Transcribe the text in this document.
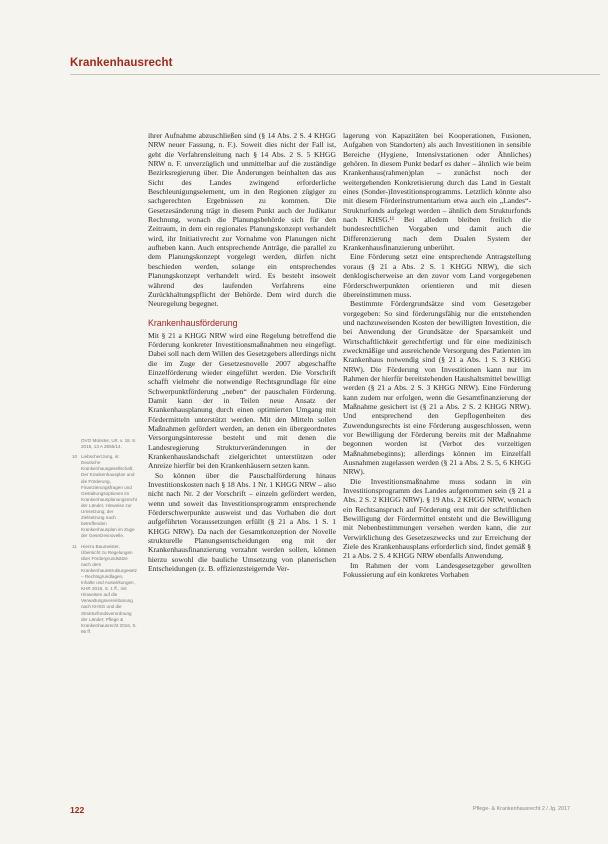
Krankenhausrecht

ihrer Aufnahme abzuschließen sind (§ 14 Abs. 2 S. 4 KHGG NRW neuer Fassung, n. F.). Soweit dies nicht der Fall ist, geht die Verfahrensleitung nach § 14 Abs. 2 S. 5 KHGG NRW n. F. unverzüglich und unmittelbar auf die zuständige Bezirksregierung über. Die Änderungen beinhalten das aus Sicht des Landes zwingend erforderliche Beschleunigungselement, um in den Regionen zügiger zu sachgerechten Ergebnissen zu kommen. Die Gesetzesänderung trägt in diesem Punkt auch der Judikatur Rechnung, wonach die Planungsbehörde sich für den Zeitraum, in dem ein regionales Planungskonzept verhandelt wird, ihr Initiativrecht zur Vornahme von Planungen nicht aufheben kann. Auch entsprechende Anträge, die parallel zu dem Planungskonzept vorgelegt werden, dürfen nicht beschieden werden, solange ein entsprechendes Planungskonzept verhandelt wird. Es besteht insoweit während des laufenden Verfahrens eine Zurückhaltungspflicht der Behörde. Dem wird durch die Neuregelung begegnet.

Krankenhausförderung

Mit § 21 a KHGG NRW wird eine Regelung betreffend die Förderung konkreter Investitionsmaßnahmen neu eingefügt. Dabei soll nach dem Willen des Gesetzgebers allerdings nicht die im Zuge der Gesetzesnovelle 2007 abgeschaffte Einzelförderung wieder eingeführt werden. Die Vorschrift schafft vielmehr die notwendige Rechtsgrundlage für eine Schwerpunktförderung „neben“ der pauschalen Förderung. Damit kann der in Teilen neue Ansatz der Krankenhausplanung durch einen optimierten Umgang mit Fördermitteln unterstützt werden. Mit den Mitteln sollen Maßnahmen gefördert werden, an denen ein übergeordnetes Versorgungsinteresse besteht und mit denen die Landesregierung Strukturveränderungen in der Krankenhauslandschaft zielgerichtet unterstützen oder Anreize hierfür bei den Krankenhäusern setzen kann.

So können über die Pauschalförderung hinaus Investitionskosten nach § 18 Abs. 1 Nr. 1 KHGG NRW – also nicht nach Nr. 2 der Vorschrift – einzeln gefördert werden, wenn und soweit das Investitionsprogramm entsprechende Förderschwerpunkte ausweist und das Vorhaben die dort aufgeführten Voraussetzungen erfüllt (§ 21 a Abs. 1 S. 1 KHGG NRW). Da nach der Gesamtkonzeption der Novelle strukturelle Planungsentscheidungen eng mit der Krankenhausfinanzierung verzahnt werden sollen, können hierzu sowohl die bauliche Umsetzung von planerischen Entscheidungen (z. B. effizienzsteigernde Ver-

lagerung von Kapazitäten bei Kooperationen, Fusionen, Aufgaben von Standorten) als auch Investitionen in sensible Bereiche (Hygiene, Intensivstationen oder Ähnliches) gehören. In diesem Punkt bedarf es daher – ähnlich wie beim Krankenhaus(rahmen)plan – zunächst noch der weitergehenden Konkretisierung durch das Land in Gestalt eines (Sonder-)Investitionsprogramms. Letztlich könnte also mit diesem Förderinstrumentarium etwa auch ein „Landes“-Strukturfonds aufgelegt werden – ähnlich dem Strukturfonds nach KHSG.¹¹ Bei alledem bleiben freilich die bundesrechtlichen Vorgaben und damit auch die Differenzierung nach dem Dualen System der Krankenhausfinanzierung unberührt.

Eine Förderung setzt eine entsprechende Antragstellung voraus (§ 21 a Abs. 2 S. 1 KHGG NRW), die sich denklogischerweise an den zuvor vom Land vorgegebenen Förderschwerpunkten orientieren und mit diesen übereinstimmen muss.

Bestimmte Fördergrundsätze sind vom Gesetzgeber vorgegeben: So sind förderungsfähig nur die entstehenden und nachzuweisenden Kosten der bewilligten Investition, die bei Anwendung der Grundsätze der Sparsamkeit und Wirtschaftlichkeit gerechtfertigt und für eine medizinisch zweckmäßige und ausreichende Versorgung des Patienten im Krankenhaus notwendig sind (§ 21 a Abs. 1 S. 3 KHGG NRW). Die Förderung von Investitionen kann nur im Rahmen der hierfür bereitstehenden Haushaltsmittel bewilligt werden (§ 21 a Abs. 2 S. 3 KHGG NRW). Eine Förderung kann zudem nur erfolgen, wenn die Gesamtfinanzierung der Maßnahme gesichert ist (§ 21 a Abs. 2 S. 2 KHGG NRW). Und entsprechend den Gepflogenheiten des Zuwendungsrechts ist eine Förderung ausgeschlossen, wenn vor Bewilligung der Förderung bereits mit der Maßnahme begonnen worden ist (Verbot des vorzeitigen Maßnahmebeginns); allerdings können im Einzelfall Ausnahmen zugelassen werden (§ 21 a Abs. 2 S. 5, 6 KHGG NRW).

Die Investitionsmaßnahme muss sodann in ein Investitionsprogramm des Landes aufgenommen sein (§ 21 a Abs. 2 S. 2 KHGG NRW). § 19 Abs. 2 KHGG NRW, wonach ein Rechtsanspruch auf Förderung erst mit der schriftlichen Bewilligung der Fördermittel entsteht und die Bewilligung mit Nebenbestimmungen versehen werden kann, die zur Verwirklichung des Gesetzeszwecks und zur Erreichung der Ziele des Krankenhausplans erforderlich sind, findet gemäß § 21 a Abs. 2 S. 4 KHGG NRW ebenfalls Anwendung.

Im Rahmen der vom Landesgesetzgeber gewollten Fokussierung auf ein konkretes Vorhaben

OVG Münster, Urt. v. 18. 8. 2015, 13 A 2556/14.
10 Liebscher/Jung, in: Deutsche Krankenhausgesellschaft, Der Krankenhausplan und die Förderung, Finanzierungsfragen und Gestaltungsoptionen im Krankenhausplanungsrecht der Länder, Hinweise zur Umsetzung; der Zielsetzung nach betreffenden Krankenhausplan im Zuge der Gesetzesnovelle.
11 Hierzu Baumeister, Übersicht zu Regelungen über Fördergrundsätze nach dem Krankenhausstrukturgesetz – Rechtsgrundlagen, Inhalte und Auswirkungen, KHR 2016, S. 1 ff., mit Hinweisen auf die Verwaltungsvereinbarung nach KHSG und die Strukturfondsverordnung der Länder; Pflege & Krankenhausrecht 2016, S. 66 ff.
122	Pflege- & Krankenhausrecht 2 / Jg. 2017
